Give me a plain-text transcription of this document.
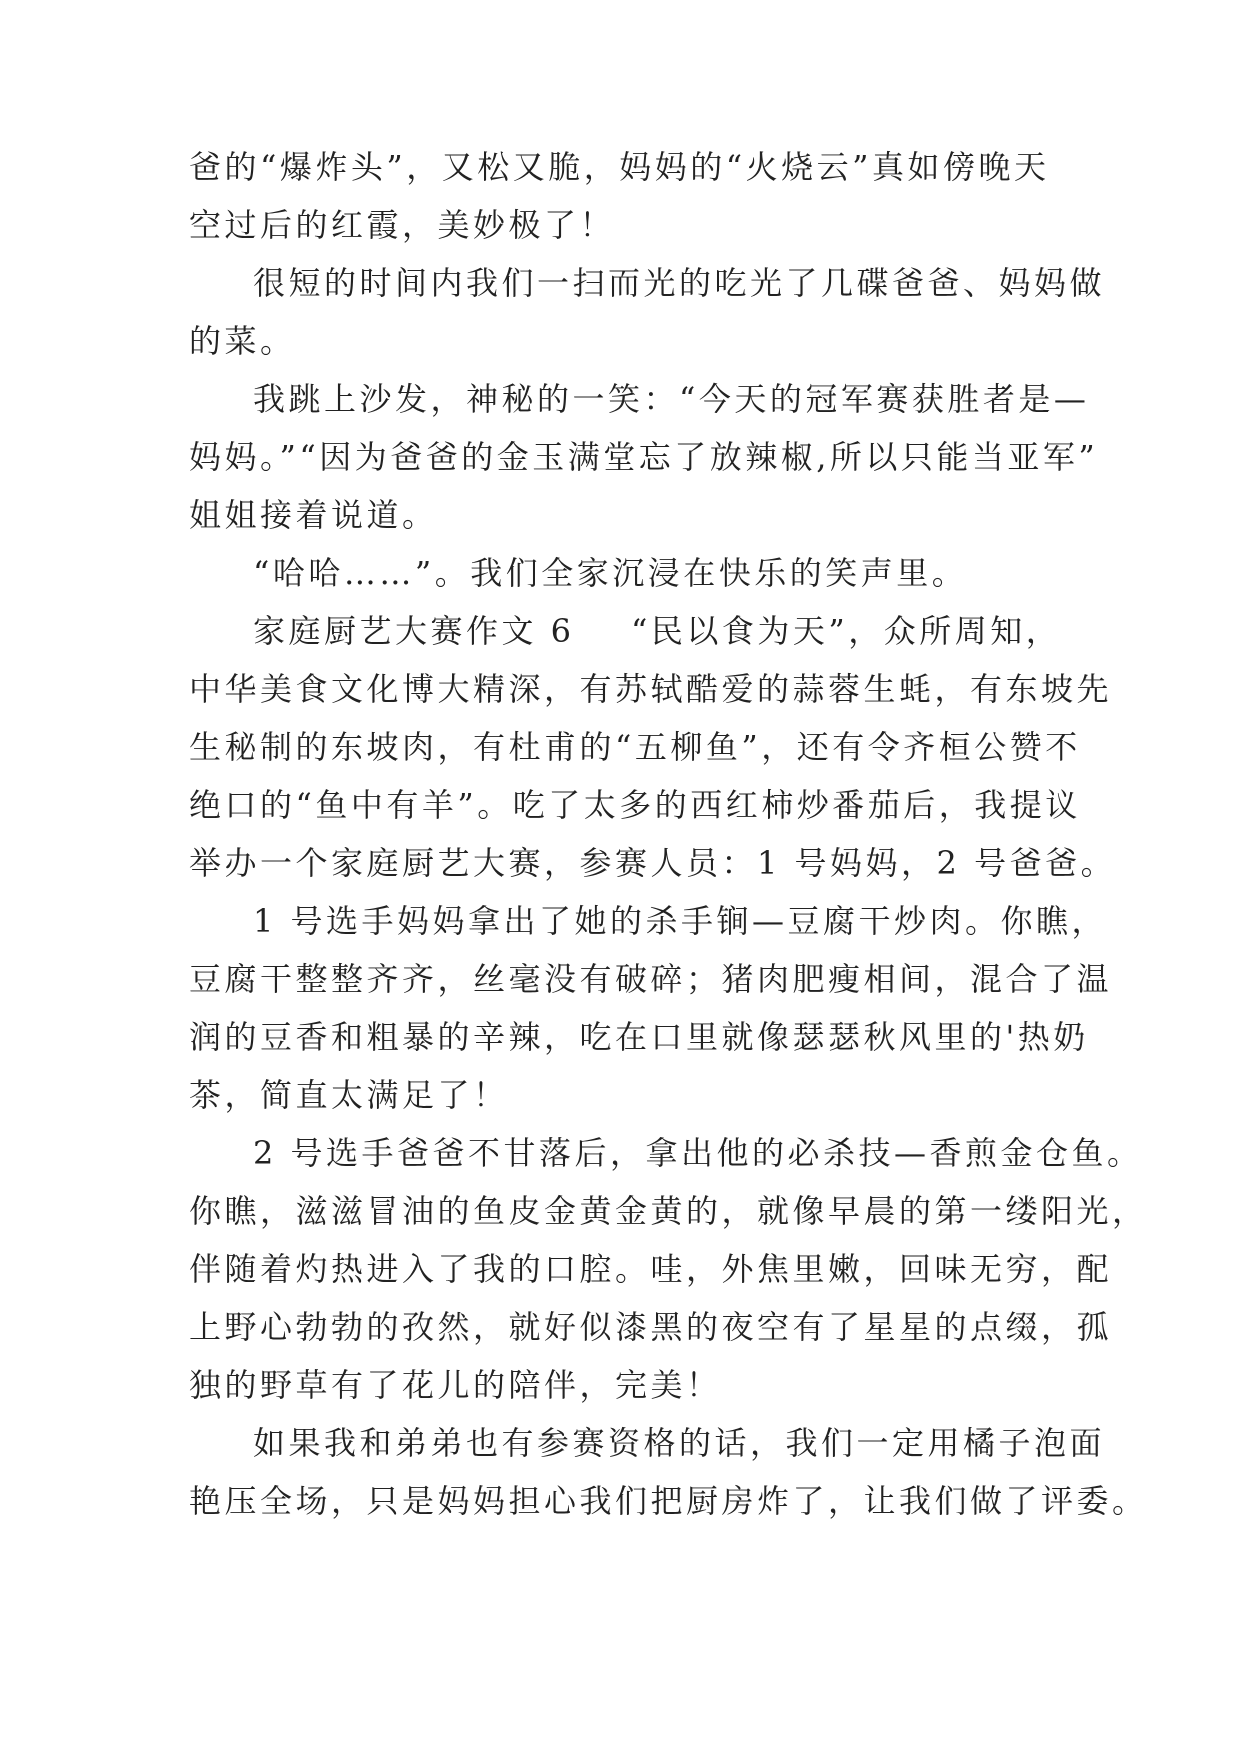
爸的“爆炸头”，又松又脆，妈妈的“火烧云”真如傍晚天
空过后的红霞，美妙极了！
很短的时间内我们一扫而光的吃光了几碟爸爸、妈妈做
的菜。
我跳上沙发，神秘的一笑：“今天的冠军赛获胜者是—
妈妈。”“因为爸爸的金玉满堂忘了放辣椒,所以只能当亚军”
姐姐接着说道。
“哈哈……”。我们全家沉浸在快乐的笑声里。
家庭厨艺大赛作文 6 “民以食为天”，众所周知，
中华美食文化博大精深，有苏轼酷爱的蒜蓉生蚝，有东坡先
生秘制的东坡肉，有杜甫的“五柳鱼”，还有令齐桓公赞不
绝口的“鱼中有羊”。吃了太多的西红柿炒番茄后，我提议
举办一个家庭厨艺大赛，参赛人员：1 号妈妈，2 号爸爸。
1 号选手妈妈拿出了她的杀手锏—豆腐干炒肉。你瞧，
豆腐干整整齐齐，丝毫没有破碎；猪肉肥瘦相间，混合了温
润的豆香和粗暴的辛辣，吃在口里就像瑟瑟秋风里的'热奶
茶，简直太满足了！
2 号选手爸爸不甘落后，拿出他的必杀技—香煎金仓鱼。
你瞧，滋滋冒油的鱼皮金黄金黄的，就像早晨的第一缕阳光，
伴随着灼热进入了我的口腔。哇，外焦里嫩，回味无穷，配
上野心勃勃的孜然，就好似漆黑的夜空有了星星的点缀，孤
独的野草有了花儿的陪伴，完美！
如果我和弟弟也有参赛资格的话，我们一定用橘子泡面
艳压全场，只是妈妈担心我们把厨房炸了，让我们做了评委。
